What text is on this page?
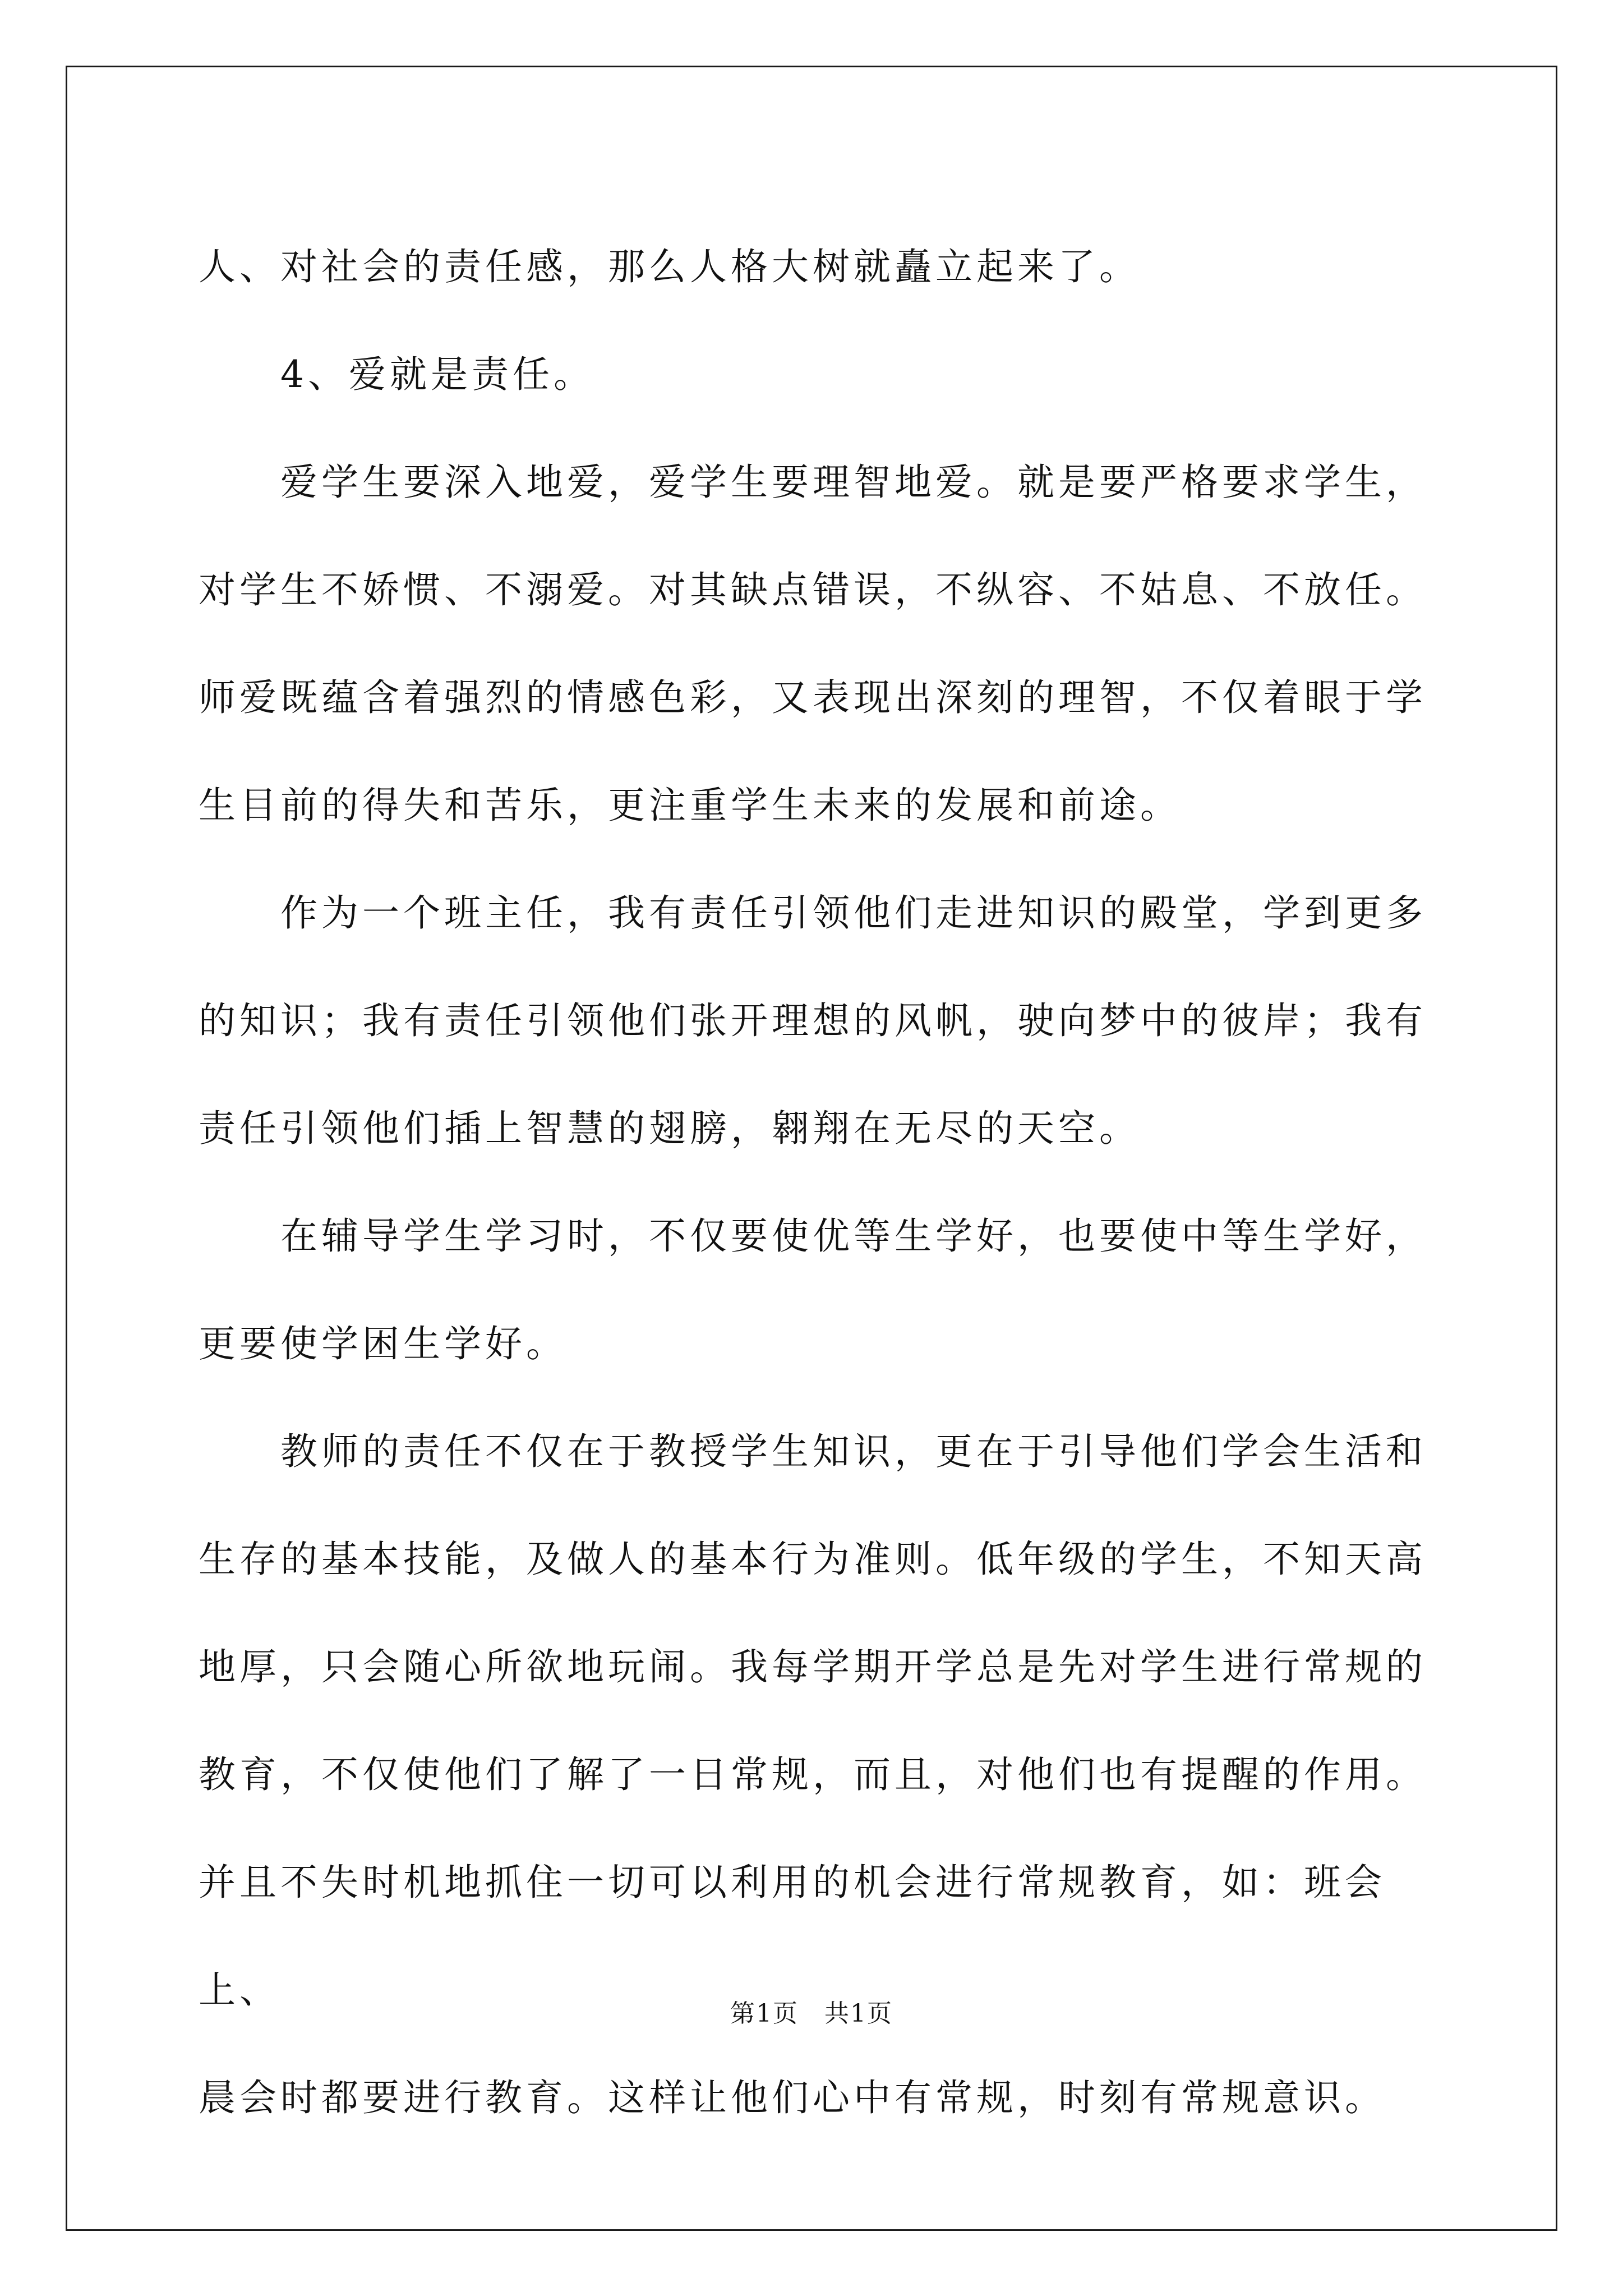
人、对社会的责任感，那么人格大树就矗立起来了。

4、爱就是责任。

爱学生要深入地爱，爱学生要理智地爱。就是要严格要求学生，

对学生不娇惯、不溺爱。对其缺点错误，不纵容、不姑息、不放任。

师爱既蕴含着强烈的情感色彩，又表现出深刻的理智，不仅着眼于学

生目前的得失和苦乐，更注重学生未来的发展和前途。

作为一个班主任，我有责任引领他们走进知识的殿堂，学到更多

的知识；我有责任引领他们张开理想的风帆，驶向梦中的彼岸；我有

责任引领他们插上智慧的翅膀，翱翔在无尽的天空。

在辅导学生学习时，不仅要使优等生学好，也要使中等生学好，

更要使学困生学好。

教师的责任不仅在于教授学生知识，更在于引导他们学会生活和

生存的基本技能，及做人的基本行为准则。低年级的学生，不知天高

地厚，只会随心所欲地玩闹。我每学期开学总是先对学生进行常规的

教育，不仅使他们了解了一日常规，而且，对他们也有提醒的作用。

并且不失时机地抓住一切可以利用的机会进行常规教育，如：班会上、

晨会时都要进行教育。这样让他们心中有常规，时刻有常规意识。

第1页　共1页
